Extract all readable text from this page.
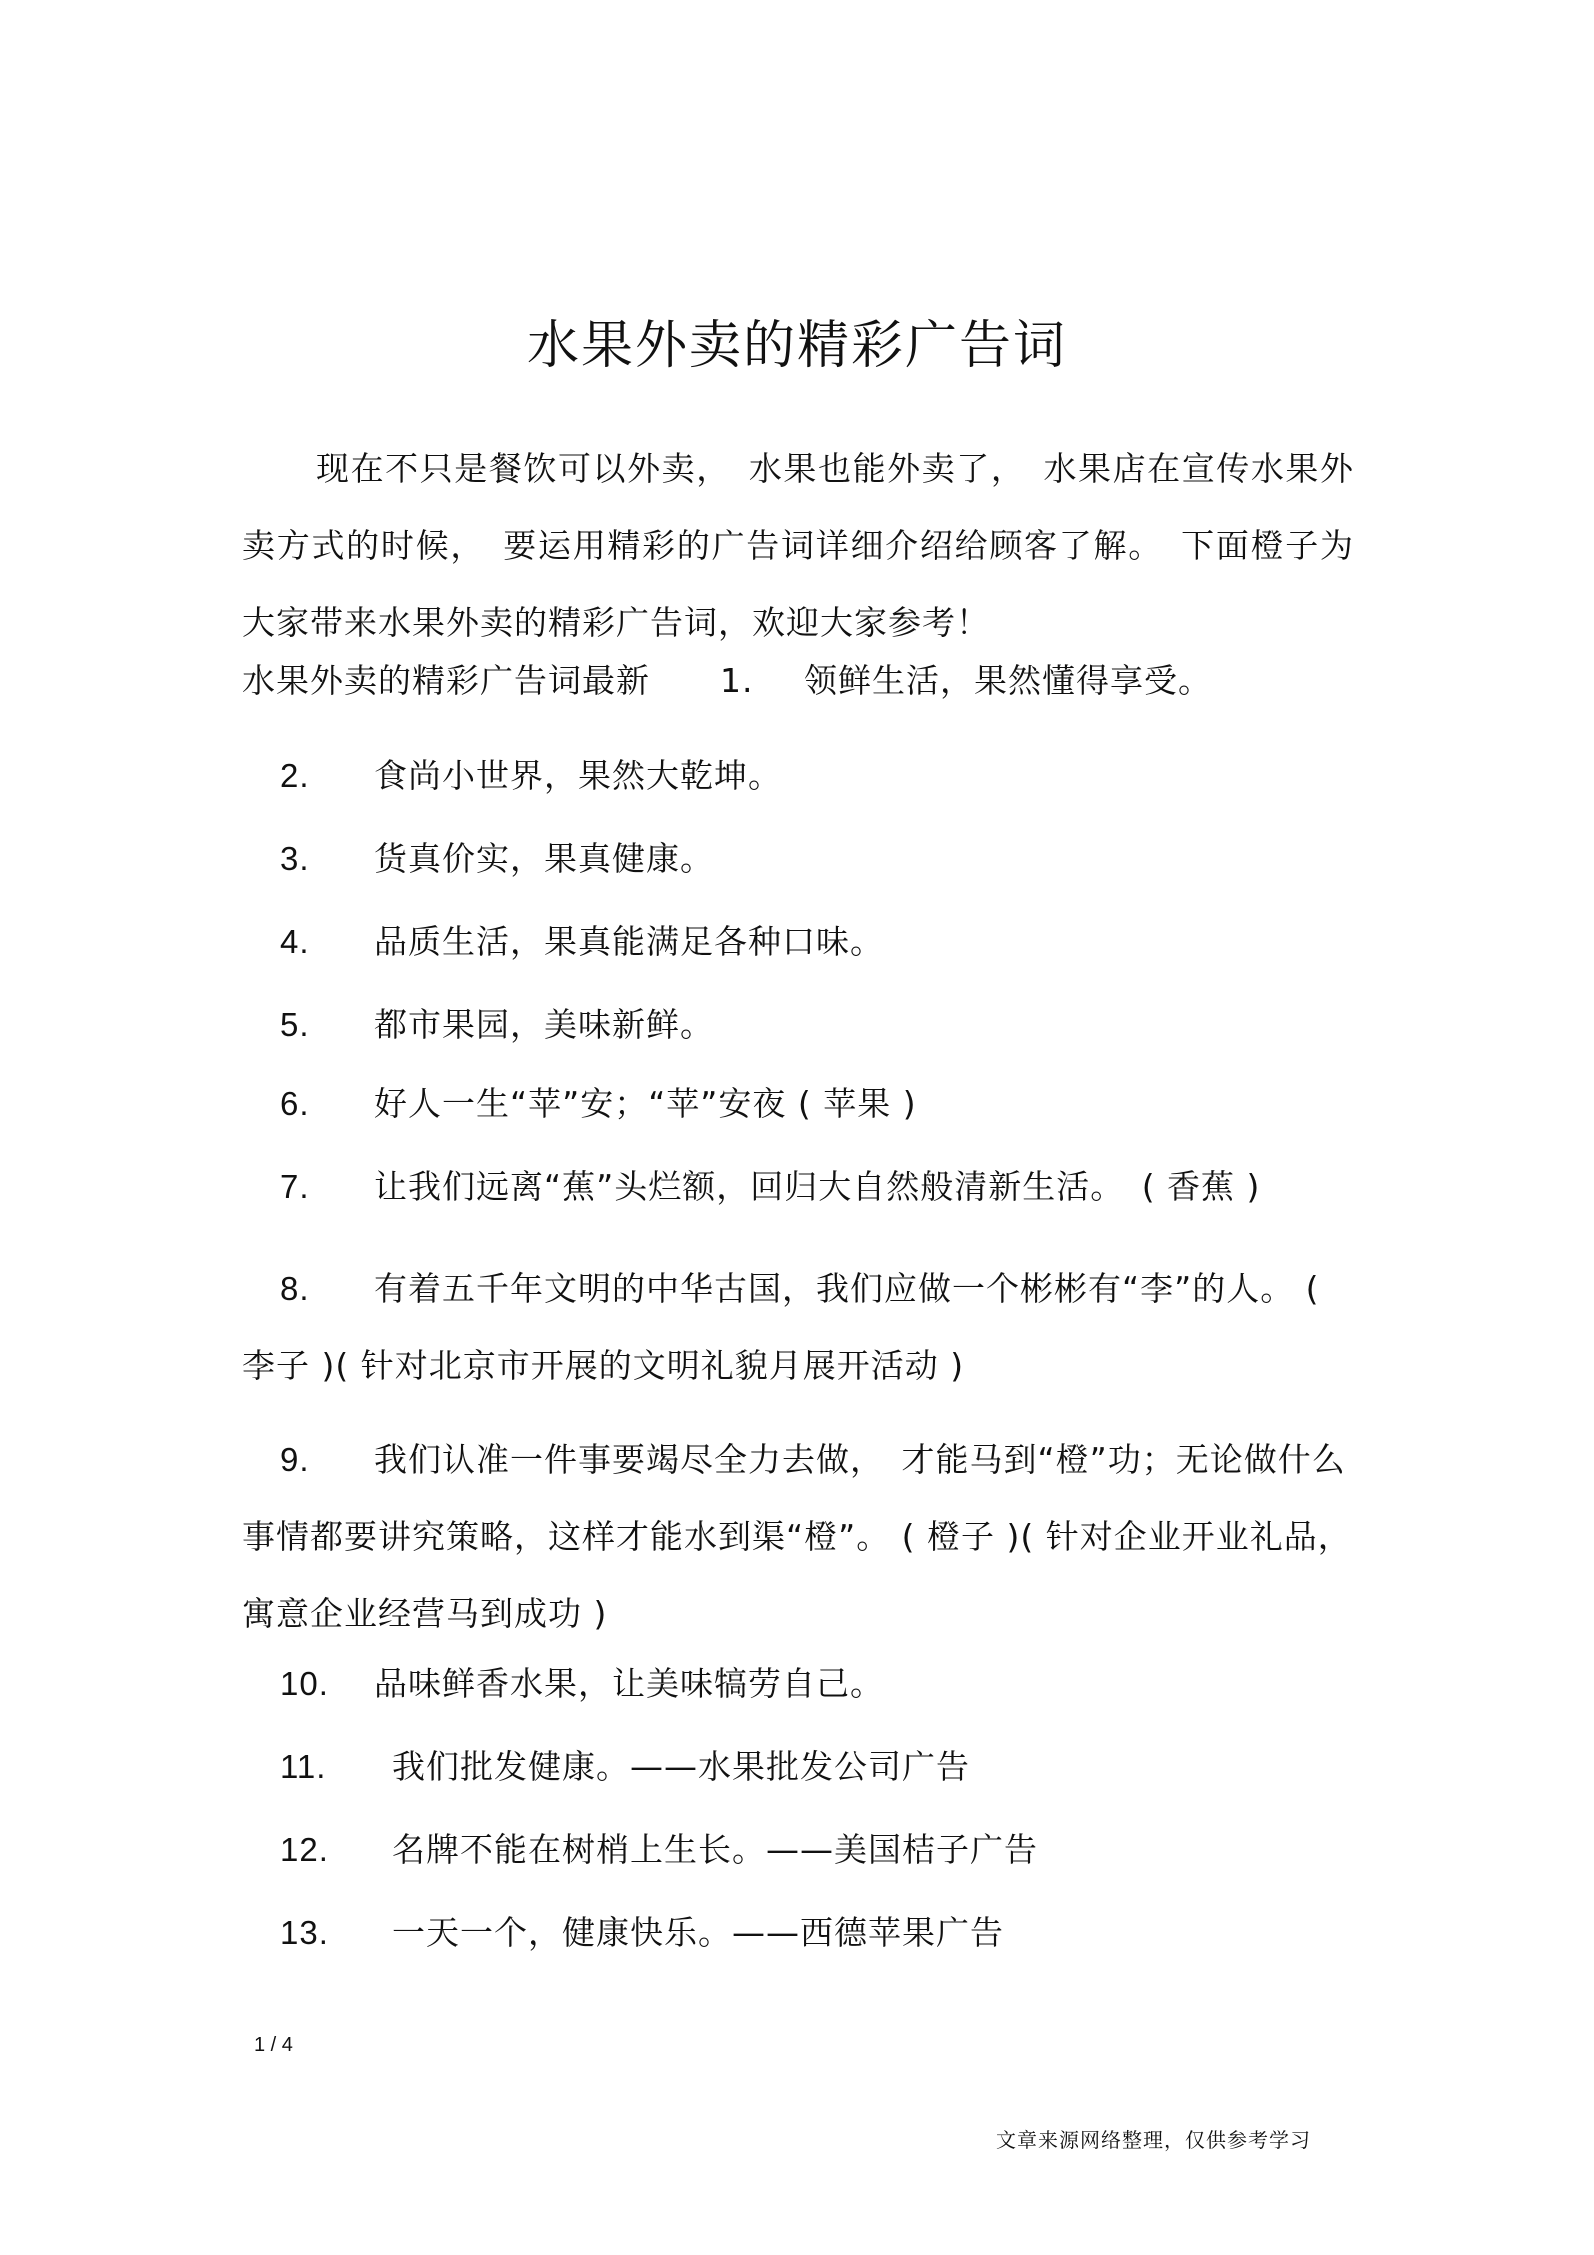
水果外卖的精彩广告词

现在不只是餐饮可以外卖，　水果也能外卖了，　水果店在宣传水果外卖方式的时候，　要运用精彩的广告词详细介绍给顾客了解。　下面橙子为大家带来水果外卖的精彩广告词，欢迎大家参考！

水果外卖的精彩广告词最新 1. 领鲜生活，果然懂得享受。
2. 食尚小世界，果然大乾坤。
3. 货真价实，果真健康。
4. 品质生活，果真能满足各种口味。
5. 都市果园，美味新鲜。
6. 好人一生“苹”安；“苹”安夜 ( 苹果 )
7. 让我们远离“蕉”头烂额，回归大自然般清新生活。　( 香蕉 )
8. 有着五千年文明的中华古国，我们应做一个彬彬有“李”的人。 ( 李子 )( 针对北京市开展的文明礼貌月展开活动 )
9. 我们认准一件事要竭尽全力去做，　才能马到“橙”功；无论做什么事情都要讲究策略，这样才能水到渠“橙”。 ( 橙子 )( 针对企业开业礼品，寓意企业经营马到成功 )
10. 品味鲜香水果，让美味犒劳自己。
11. 我们批发健康。——水果批发公司广告
12. 名牌不能在树梢上生长。——美国桔子广告
13. 一天一个，健康快乐。——西德苹果广告
1 / 4
文章来源网络整理，仅供参考学习
